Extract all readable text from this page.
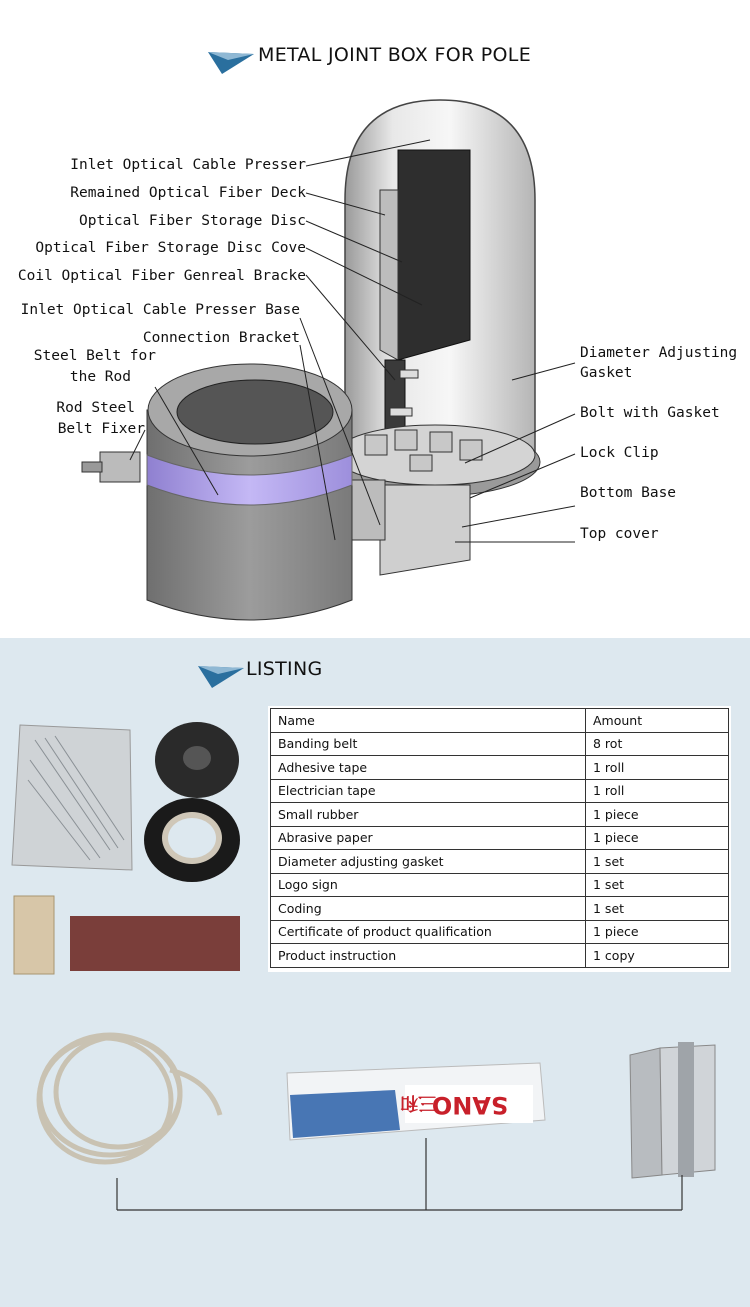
METAL JOINT BOX FOR POLE
Inlet Optical Cable Presser
Remained Optical Fiber Deck
Optical Fiber Storage Disc
Optical Fiber Storage Disc Cove
Coil Optical Fiber Genreal Bracke
Inlet Optical Cable Presser Base
Connection Bracket
Steel Belt for
the Rod
Rod Steel
Belt Fixer
Diameter Adjusting
Gasket
Bolt with Gasket
Lock Clip
Bottom Base
Top cover
LISTING
Name	Amount
Banding belt	8 rot
Adhesive tape	1 roll
Electrician tape	1 roll
Small rubber	1 piece
Abrasive paper	1 piece
Diameter adjusting gasket	1 set
Logo sign	1 set
Coding	1 set
Certificate of product qualification	1 piece
Product instruction	1 copy
SANO
三和
